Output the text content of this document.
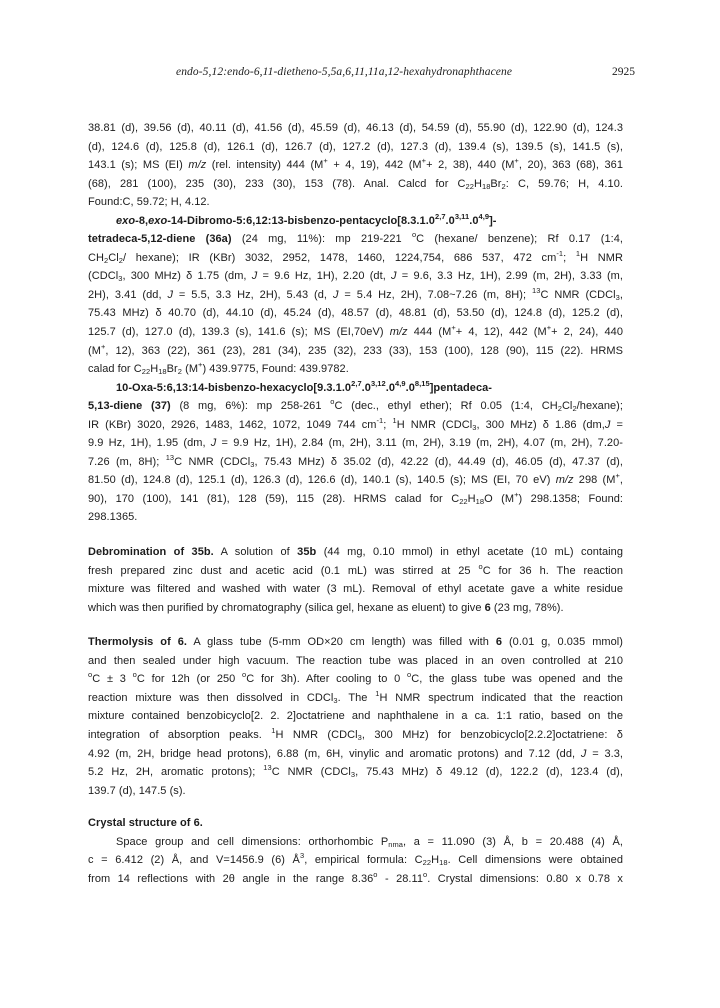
endo-5,12:endo-6,11-dietheno-5,5a,6,11,11a,12-hexahydronaphthacene	2925
38.81 (d), 39.56 (d), 40.11 (d), 41.56 (d), 45.59 (d), 46.13 (d), 54.59 (d), 55.90 (d), 122.90 (d), 124.3
(d), 124.6 (d), 125.8 (d), 126.1 (d), 126.7 (d), 127.2 (d), 127.3 (d), 139.4 (s), 139.5 (s), 141.5 (s),
143.1 (s); MS (EI) m/z (rel. intensity) 444 (M+ + 4, 19), 442 (M++ 2, 38), 440 (M+, 20), 363 (68), 361
(68), 281 (100), 235 (30), 233 (30), 153 (78). Anal. Calcd for $C_{22}H_{18}Br_2$: C, 59.76; H, 4.10.
Found:C, 59.72; H, 4.12.
exo-8,exo-14-Dibromo-5:6,12:13-bisbenzo-pentacyclo[8.3.1.0$^{2,7}$.0$^{3,11}$.0$^{4,9}$]-
tetradeca-5,12-diene (36a) (24 mg, 11%): mp 219-221 $^o$C (hexane/ benzene); Rf 0.17 (1:4,
$CH_2Cl_2/$ hexane); IR (KBr) 3032, 2952, 1478, 1460, 1224,754, 686 537, 472 $cm^{-1}$; $^1$H NMR
(CDCl$_3$, 300 MHz) δ 1.75 (dm, J = 9.6 Hz, 1H), 2.20 (dt, J = 9.6, 3.3 Hz, 1H), 2.99 (m, 2H), 3.33 (m,
2H), 3.41 (dd, J = 5.5, 3.3 Hz, 2H), 5.43 (d, J = 5.4 Hz, 2H), 7.08~7.26 (m, 8H); $^{13}$C NMR (CDCl$_3$,
75.43 MHz) δ 40.70 (d), 44.10 (d), 45.24 (d), 48.57 (d), 48.81 (d), 53.50 (d), 124.8 (d), 125.2 (d),
125.7 (d), 127.0 (d), 139.3 (s), 141.6 (s); MS (EI,70eV) m/z 444 (M++ 4, 12), 442 (M++ 2, 24), 440
(M+, 12), 363 (22), 361 (23), 281 (34), 235 (32), 233 (33), 153 (100), 128 (90), 115 (22). HRMS
calad for $C_{22}H_{18}Br_2$ (M+) 439.9775, Found: 439.9782.
10-Oxa-5:6,13:14-bisbenzo-hexacyclo[9.3.1.0$^{2,7}$.0$^{3,12}$.0$^{4,9}$.0$^{8,15}$]pentadeca-
5,13-diene (37) (8 mg, 6%): mp 258-261 $^o$C (dec., ethyl ether); Rf 0.05 (1:4, $CH_2Cl_2/hexane$);
IR (KBr) 3020, 2926, 1483, 1462, 1072, 1049 744 $cm^{-1}$; $^1$H NMR (CDCl$_3$, 300 MHz) δ 1.86 (dm,J =
9.9 Hz, 1H), 1.95 (dm, J = 9.9 Hz, 1H), 2.84 (m, 2H), 3.11 (m, 2H), 3.19 (m, 2H), 4.07 (m, 2H), 7.20-
7.26 (m, 8H); $^{13}$C NMR (CDCl$_3$, 75.43 MHz) δ 35.02 (d), 42.22 (d), 44.49 (d), 46.05 (d), 47.37 (d),
81.50 (d), 124.8 (d), 125.1 (d), 126.3 (d), 126.6 (d), 140.1 (s), 140.5 (s); MS (EI, 70 eV) m/z 298 (M+,
90), 170 (100), 141 (81), 128 (59), 115 (28). HRMS calad for $C_{22}H_{18}O$ (M+) 298.1358; Found:
298.1365.
Debromination of 35b. A solution of 35b (44 mg, 0.10 mmol) in ethyl acetate (10 mL) containg
fresh prepared zinc dust and acetic acid (0.1 mL) was stirred at 25 $^o$C for 36 h. The reaction
mixture was filtered and washed with water (3 mL). Removal of ethyl acetate gave a white residue
which was then purified by chromatography (silica gel, hexane as eluent) to give 6 (23 mg, 78%).
Thermolysis of 6. A glass tube (5-mm OD×20 cm length) was filled with 6 (0.01 g, 0.035 mmol)
and then sealed under high vacuum. The reaction tube was placed in an oven controlled at 210
$^o$C ± 3 $^o$C for 12h (or 250 $^o$C for 3h). After cooling to 0 $^o$C, the glass tube was opened and the
reaction mixture was then dissolved in CDCl$_3$. The $^1$H NMR spectrum indicated that the reaction
mixture contained benzobicyclo[2. 2. 2]octatriene and naphthalene in a ca. 1:1 ratio, based on the
integration of absorption peaks. $^1$H NMR (CDCl$_3$, 300 MHz) for benzobicyclo[2.2.2]octatriene: δ
4.92 (m, 2H, bridge head protons), 6.88 (m, 6H, vinylic and aromatic protons) and 7.12 (dd, J = 3.3,
5.2 Hz, 2H, aromatic protons); $^{13}$C NMR (CDCl$_3$, 75.43 MHz) δ 49.12 (d), 122.2 (d), 123.4 (d),
139.7 (d), 147.5 (s).
Crystal structure of 6.
Space group and cell dimensions: orthorhombic $P_{nma}$, a = 11.090 (3) Å, b = 20.488 (4) Å,
c = 6.412 (2) Å, and V=1456.9 (6) $Å^3$, empirical formula: $C_{22}H_{18}$. Cell dimensions were obtained
from 14 reflections with 2θ angle in the range 8.36$^o$ - 28.11$^o$. Crystal dimensions: 0.80 x 0.78 x
